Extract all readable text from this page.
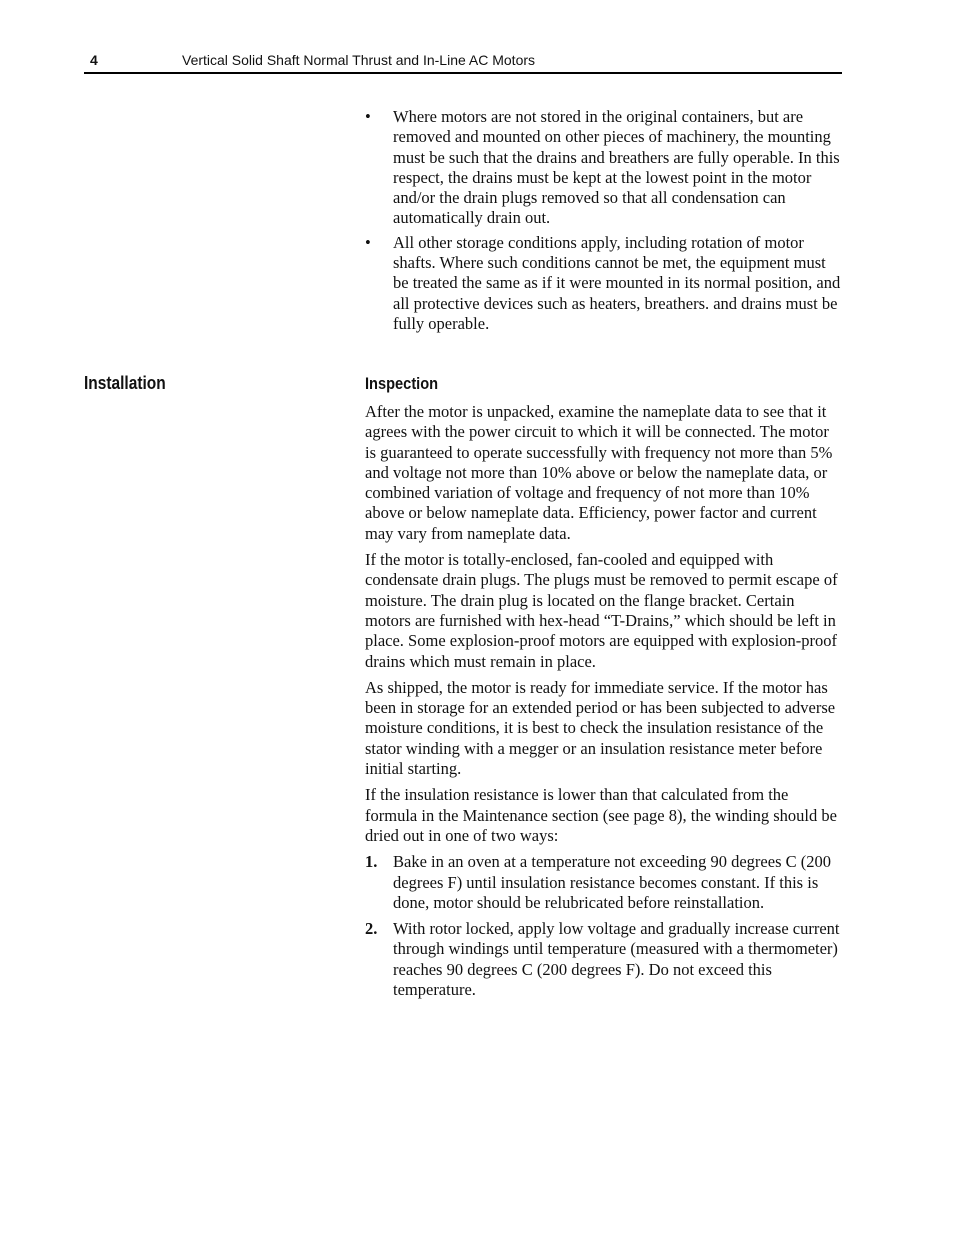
4	Vertical Solid Shaft Normal Thrust and In-Line AC Motors
• Where motors are not stored in the original containers, but are removed and mounted on other pieces of machinery, the mounting must be such that the drains and breathers are fully operable. In this respect, the drains must be kept at the lowest point in the motor and/or the drain plugs removed so that all condensation can automatically drain out.
• All other storage conditions apply, including rotation of motor shafts. Where such conditions cannot be met, the equipment must be treated the same as if it were mounted in its normal position, and all protective devices such as heaters, breathers. and drains must be fully operable.
Installation	Inspection

After the motor is unpacked, examine the nameplate data to see that it agrees with the power circuit to which it will be connected. The motor is guaranteed to operate successfully with frequency not more than 5% and voltage not more than 10% above or below the nameplate data, or combined variation of voltage and frequency of not more than 10% above or below nameplate data. Efficiency, power factor and current may vary from nameplate data.

If the motor is totally-enclosed, fan-cooled and equipped with condensate drain plugs. The plugs must be removed to permit escape of moisture. The drain plug is located on the flange bracket. Certain motors are furnished with hex-head “T-Drains,” which should be left in place. Some explosion-proof motors are equipped with explosion-proof drains which must remain in place.

As shipped, the motor is ready for immediate service. If the motor has been in storage for an extended period or has been subjected to adverse moisture conditions, it is best to check the insulation resistance of the stator winding with a megger or an insulation resistance meter before initial starting.

If the insulation resistance is lower than that calculated from the formula in the Maintenance section (see page 8), the winding should be dried out in one of two ways:

1. Bake in an oven at a temperature not exceeding 90 degrees C (200 degrees F) until insulation resistance becomes constant. If this is done, motor should be relubricated before reinstallation.
2. With rotor locked, apply low voltage and gradually increase current through windings until temperature (measured with a thermometer) reaches 90 degrees C (200 degrees F). Do not exceed this temperature.
